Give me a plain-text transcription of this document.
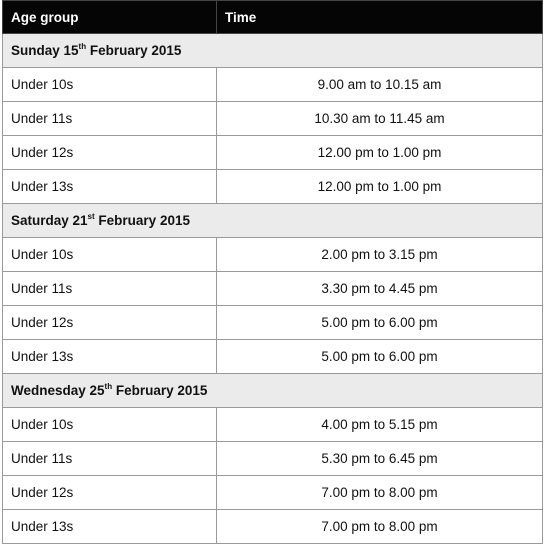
Age group	Time
Sunday 15th February 2015	
Under 10s	9.00 am to 10.15 am
Under 11s	10.30 am to 11.45 am
Under 12s	12.00 pm to 1.00 pm
Under 13s	12.00 pm to 1.00 pm
Saturday 21st February 2015	
Under 10s	2.00 pm to 3.15 pm
Under 11s	3.30 pm to 4.45 pm
Under 12s	5.00 pm to 6.00 pm
Under 13s	5.00 pm to 6.00 pm
Wednesday 25th February 2015	
Under 10s	4.00 pm to 5.15 pm
Under 11s	5.30 pm to 6.45 pm
Under 12s	7.00 pm to 8.00 pm
Under 13s	7.00 pm to 8.00 pm
